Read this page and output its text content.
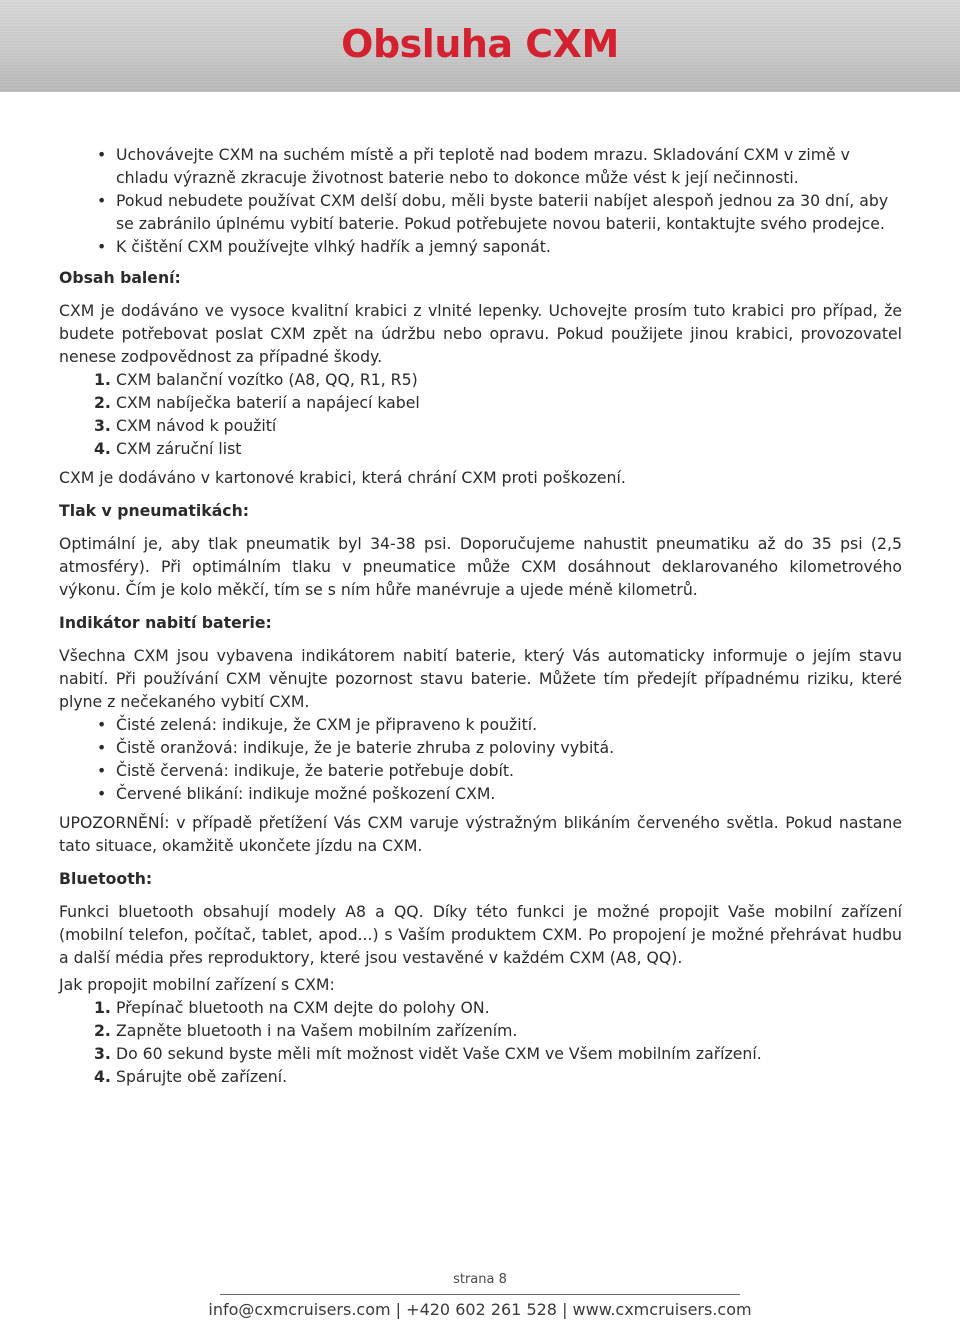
Obsluha CXM
• Uchovávejte CXM na suchém místě a při teplotě nad bodem mrazu. Skladování CXM v zimě v chladu výrazně zkracuje životnost baterie nebo to dokonce může vést k její nečinnosti.
• Pokud nebudete používat CXM delší dobu, měli byste baterii nabíjet alespoň jednou za 30 dní, aby se zabránilo úplnému vybití baterie. Pokud potřebujete novou baterii, kontaktujte svého prodejce.
• K čištění CXM používejte vlhký hadřík a jemný saponát.

Obsah balení:

CXM je dodáváno ve vysoce kvalitní krabici z vlnité lepenky. Uchovejte prosím tuto krabici pro případ, že budete potřebovat poslat CXM zpět na údržbu nebo opravu. Pokud použijete jinou krabici, provozovatel nenese zodpovědnost za případné škody.

1. CXM balanční vozítko (A8, QQ, R1, R5)
2. CXM nabíječka baterií a napájecí kabel
3. CXM návod k použití
4. CXM záruční list

CXM je dodáváno v kartonové krabici, která chrání CXM proti poškození.

Tlak v pneumatikách:

Optimální je, aby tlak pneumatik byl 34-38 psi. Doporučujeme nahustit pneumatiku až do 35 psi (2,5 atmosféry). Při optimálním tlaku v pneumatice může CXM dosáhnout deklarovaného kilometrového výkonu. Čím je kolo měkčí, tím se s ním hůře manévruje a ujede méně kilometrů.

Indikátor nabití baterie:

Všechna CXM jsou vybavena indikátorem nabití baterie, který Vás automaticky informuje o jejím stavu nabití. Při používání CXM věnujte pozornost stavu baterie. Můžete tím předejít případnému riziku, které plyne z nečekaného vybití CXM.

• Čisté zelená: indikuje, že CXM je připraveno k použití.
• Čistě oranžová: indikuje, že je baterie zhruba z poloviny vybitá.
• Čistě červená: indikuje, že baterie potřebuje dobít.
• Červené blikání: indikuje možné poškození CXM.

UPOZORNĚNÍ: v případě přetížení Vás CXM varuje výstražným blikáním červeného světla. Pokud nastane tato situace, okamžitě ukončete jízdu na CXM.

Bluetooth:

Funkci bluetooth obsahují modely A8 a QQ. Díky této funkci je možné propojit Vaše mobilní zařízení (mobilní telefon, počítač, tablet, apod...) s Vaším produktem CXM. Po propojení je možné přehrávat hudbu a další média přes reproduktory, které jsou vestavěné v každém CXM (A8, QQ).

Jak propojit mobilní zařízení s CXM:

1. Přepínač bluetooth na CXM dejte do polohy ON.
2. Zapněte bluetooth i na Vašem mobilním zařízením.
3. Do 60 sekund byste měli mít možnost vidět Vaše CXM ve Všem mobilním zařízení.
4. Spárujte obě zařízení.
strana 8
info@cxmcruisers.com | +420 602 261 528 | www.cxmcruisers.com
